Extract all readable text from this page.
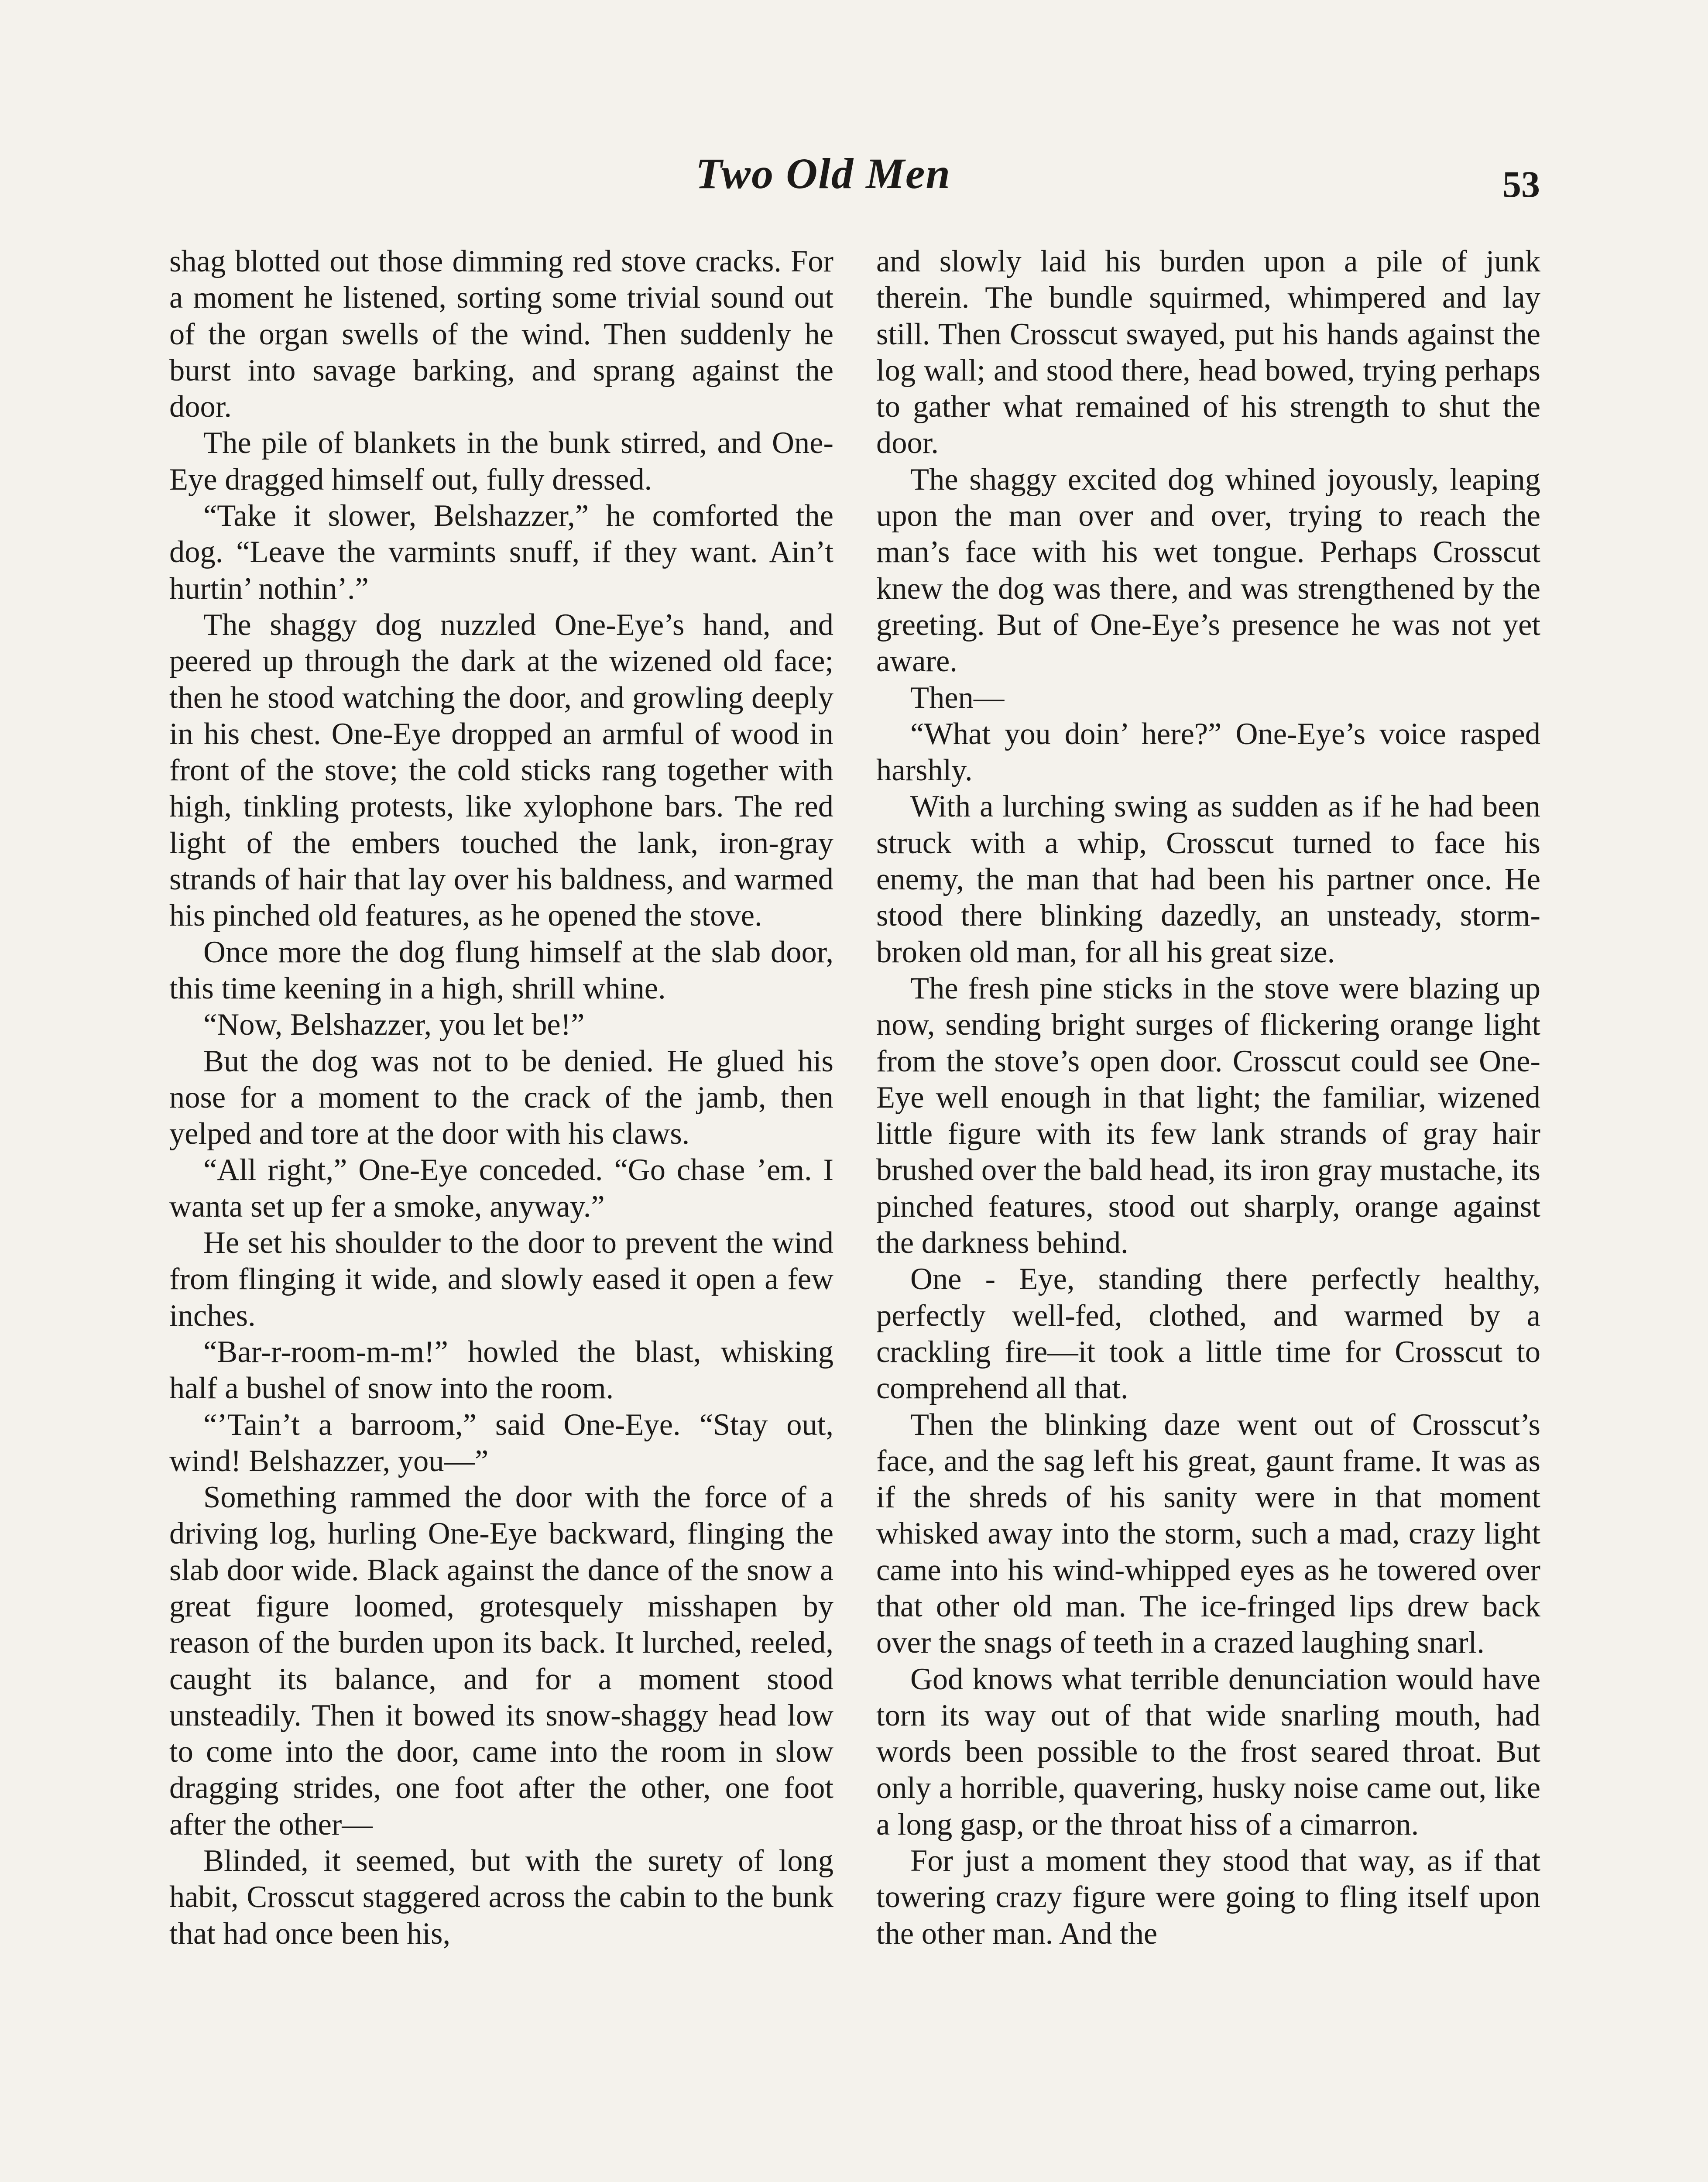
Two Old Men	53

shag blotted out those dimming red stove cracks. For a moment he listened, sorting some trivial sound out of the organ swells of the wind. Then suddenly he burst into savage barking, and sprang against the door.

The pile of blankets in the bunk stirred, and One-Eye dragged himself out, fully dressed.

“Take it slower, Belshazzer,” he comforted the dog. “Leave the varmints snuff, if they want. Ain’t hurtin’ nothin’.”

The shaggy dog nuzzled One-Eye’s hand, and peered up through the dark at the wizened old face; then he stood watching the door, and growling deeply in his chest. One-Eye dropped an armful of wood in front of the stove; the cold sticks rang together with high, tinkling protests, like xylophone bars. The red light of the embers touched the lank, iron-gray strands of hair that lay over his baldness, and warmed his pinched old features, as he opened the stove.

Once more the dog flung himself at the slab door, this time keening in a high, shrill whine.

“Now, Belshazzer, you let be!”

But the dog was not to be denied. He glued his nose for a moment to the crack of the jamb, then yelped and tore at the door with his claws.

“All right,” One-Eye conceded. “Go chase ’em. I wanta set up fer a smoke, anyway.”

He set his shoulder to the door to prevent the wind from flinging it wide, and slowly eased it open a few inches.

“Bar-r-room-m-m!” howled the blast, whisking half a bushel of snow into the room.

“’Tain’t a barroom,” said One-Eye. “Stay out, wind! Belshazzer, you—”

Something rammed the door with the force of a driving log, hurling One-Eye backward, flinging the slab door wide. Black against the dance of the snow a great figure loomed, grotesquely misshapen by reason of the burden upon its back. It lurched, reeled, caught its balance, and for a moment stood unsteadily. Then it bowed its snow-shaggy head low to come into the door, came into the room in slow dragging strides, one foot after the other, one foot after the other—

Blinded, it seemed, but with the surety of long habit, Crosscut staggered across the cabin to the bunk that had once been his,

and slowly laid his burden upon a pile of junk therein. The bundle squirmed, whimpered and lay still. Then Crosscut swayed, put his hands against the log wall; and stood there, head bowed, trying perhaps to gather what remained of his strength to shut the door.

The shaggy excited dog whined joyously, leaping upon the man over and over, trying to reach the man’s face with his wet tongue. Perhaps Crosscut knew the dog was there, and was strengthened by the greeting. But of One-Eye’s presence he was not yet aware.

Then—

“What you doin’ here?” One-Eye’s voice rasped harshly.

With a lurching swing as sudden as if he had been struck with a whip, Crosscut turned to face his enemy, the man that had been his partner once. He stood there blinking dazedly, an unsteady, storm-broken old man, for all his great size.

The fresh pine sticks in the stove were blazing up now, sending bright surges of flickering orange light from the stove’s open door. Crosscut could see One-Eye well enough in that light; the familiar, wizened little figure with its few lank strands of gray hair brushed over the bald head, its iron gray mustache, its pinched features, stood out sharply, orange against the darkness behind.

One - Eye, standing there perfectly healthy, perfectly well-fed, clothed, and warmed by a crackling fire—it took a little time for Crosscut to comprehend all that.

Then the blinking daze went out of Crosscut’s face, and the sag left his great, gaunt frame. It was as if the shreds of his sanity were in that moment whisked away into the storm, such a mad, crazy light came into his wind-whipped eyes as he towered over that other old man. The ice-fringed lips drew back over the snags of teeth in a crazed laughing snarl.

God knows what terrible denunciation would have torn its way out of that wide snarling mouth, had words been possible to the frost seared throat. But only a horrible, quavering, husky noise came out, like a long gasp, or the throat hiss of a cimarron.

For just a moment they stood that way, as if that towering crazy figure were going to fling itself upon the other man. And the
